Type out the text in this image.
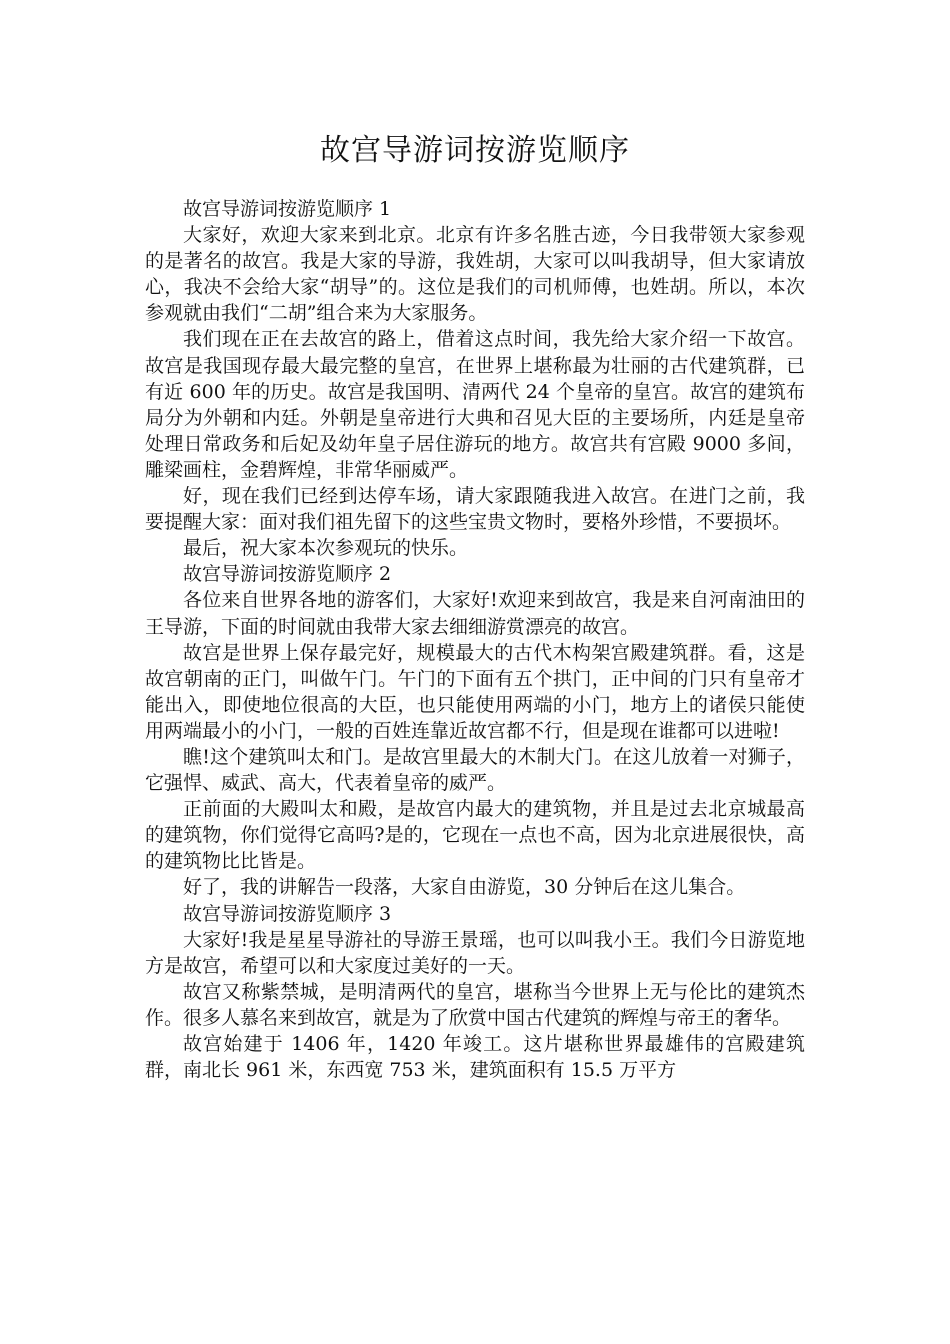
故宫导游词按游览顺序

故宫导游词按游览顺序 1

大家好，欢迎大家来到北京。北京有许多名胜古迹，今日我带领大家参观的是著名的故宫。我是大家的导游，我姓胡，大家可以叫我胡导，但大家请放心，我决不会给大家“胡导”的。这位是我们的司机师傅，也姓胡。所以，本次参观就由我们“二胡”组合来为大家服务。

我们现在正在去故宫的路上，借着这点时间，我先给大家介绍一下故宫。故宫是我国现存最大最完整的皇宫，在世界上堪称最为壮丽的古代建筑群，已有近 600 年的历史。故宫是我国明、清两代 24 个皇帝的皇宫。故宫的建筑布局分为外朝和内廷。外朝是皇帝进行大典和召见大臣的主要场所，内廷是皇帝处理日常政务和后妃及幼年皇子居住游玩的地方。故宫共有宫殿 9000 多间，雕梁画柱，金碧辉煌，非常华丽威严。

好，现在我们已经到达停车场，请大家跟随我进入故宫。在进门之前，我要提醒大家：面对我们祖先留下的这些宝贵文物时，要格外珍惜，不要损坏。

最后，祝大家本次参观玩的快乐。

故宫导游词按游览顺序 2

各位来自世界各地的游客们，大家好!欢迎来到故宫，我是来自河南油田的王导游，下面的时间就由我带大家去细细游赏漂亮的故宫。

故宫是世界上保存最完好，规模最大的古代木构架宫殿建筑群。看，这是故宫朝南的正门，叫做午门。午门的下面有五个拱门，正中间的门只有皇帝才能出入，即使地位很高的大臣，也只能使用两端的小门，地方上的诸侯只能使用两端最小的小门，一般的百姓连靠近故宫都不行，但是现在谁都可以进啦!

瞧!这个建筑叫太和门。是故宫里最大的木制大门。在这儿放着一对狮子，它强悍、威武、高大，代表着皇帝的威严。

正前面的大殿叫太和殿，是故宫内最大的建筑物，并且是过去北京城最高的建筑物，你们觉得它高吗?是的，它现在一点也不高，因为北京进展很快，高的建筑物比比皆是。

好了，我的讲解告一段落，大家自由游览，30 分钟后在这儿集合。

故宫导游词按游览顺序 3

大家好!我是星星导游社的导游王景瑶，也可以叫我小王。我们今日游览地方是故宫，希望可以和大家度过美好的一天。

故宫又称紫禁城，是明清两代的皇宫，堪称当今世界上无与伦比的建筑杰作。很多人慕名来到故宫，就是为了欣赏中国古代建筑的辉煌与帝王的奢华。

故宫始建于 1406 年，1420 年竣工。这片堪称世界最雄伟的宫殿建筑群，南北长 961 米，东西宽 753 米，建筑面积有 15.5 万平方
